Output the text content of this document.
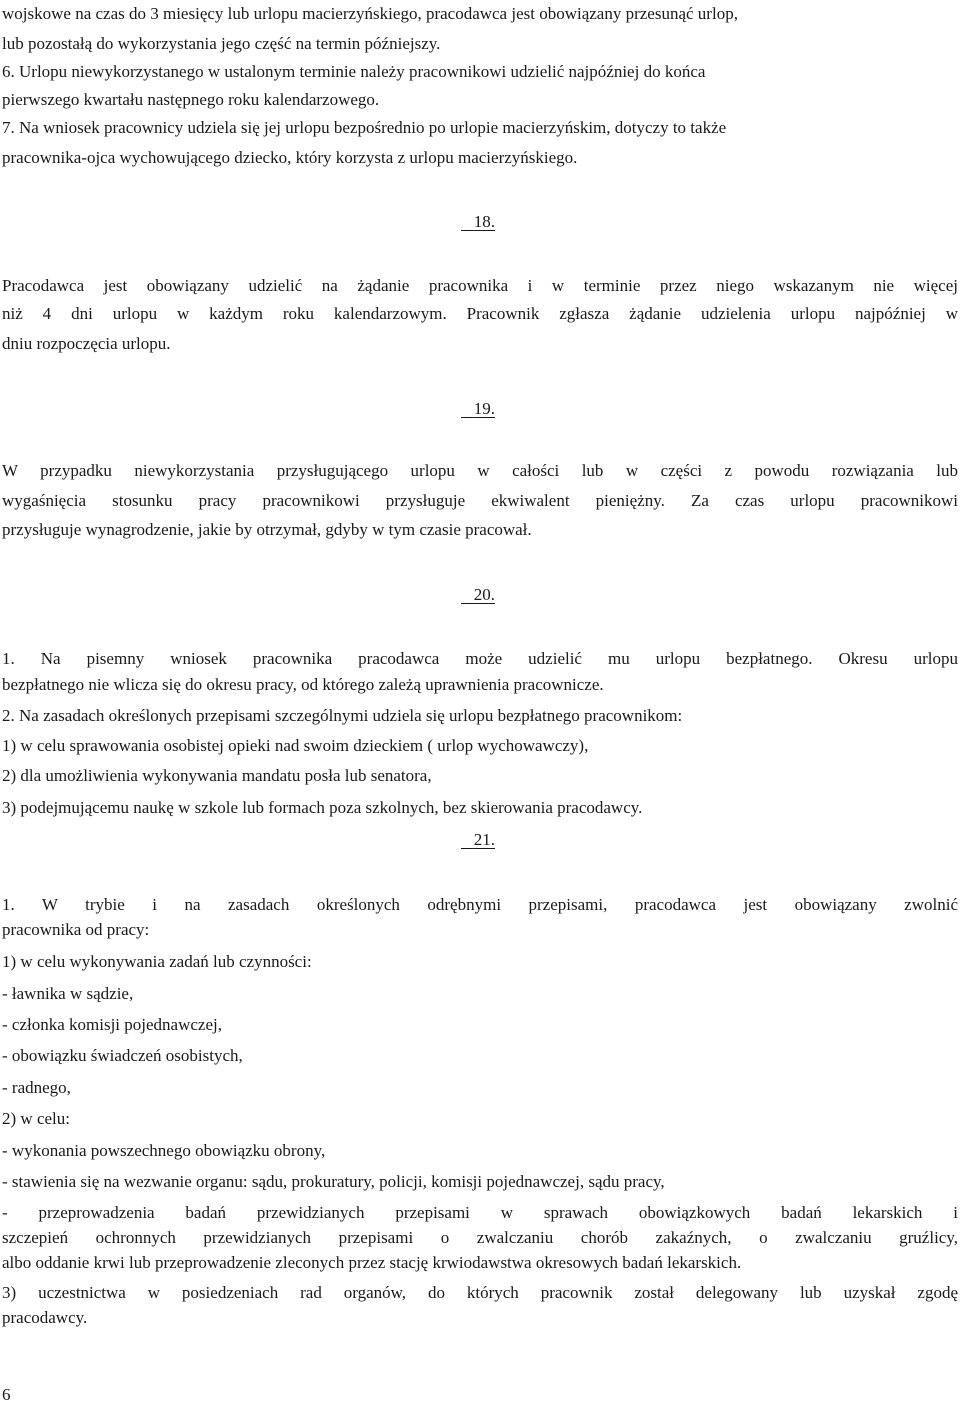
wojskowe na czas do 3 miesięcy lub urlopu macierzyńskiego, pracodawca jest obowiązany przesunąć urlop,
lub pozostałą do wykorzystania jego część na termin późniejszy.
6. Urlopu niewykorzystanego w ustalonym terminie należy pracownikowi udzielić najpóźniej do końca
pierwszego kwartału następnego roku kalendarzowego.
7. Na wniosek pracownicy udziela się jej urlopu bezpośrednio po urlopie macierzyńskim, dotyczy to także
pracownika-ojca wychowującego dziecko, który korzysta z urlopu macierzyńskiego.
18.
Pracodawca jest obowiązany udzielić na żądanie pracownika i w terminie przez niego wskazanym nie więcej
niż 4 dni urlopu w każdym roku kalendarzowym. Pracownik zgłasza żądanie udzielenia urlopu najpóźniej w
dniu rozpoczęcia urlopu.
19.
W przypadku niewykorzystania przysługującego urlopu w całości lub w części z powodu rozwiązania lub
wygaśnięcia stosunku pracy pracownikowi przysługuje ekwiwalent pieniężny. Za czas urlopu pracownikowi
przysługuje wynagrodzenie, jakie by otrzymał, gdyby w tym czasie pracował.
20.
1. Na pisemny wniosek pracownika pracodawca może udzielić mu urlopu bezpłatnego. Okresu urlopu
bezpłatnego nie wlicza się do okresu pracy, od którego zależą uprawnienia pracownicze.
2. Na zasadach określonych przepisami szczególnymi udziela się urlopu bezpłatnego pracownikom:
1) w celu sprawowania osobistej opieki nad swoim dzieckiem ( urlop wychowawczy),
2) dla umożliwienia wykonywania mandatu posła lub senatora,
3) podejmującemu naukę w szkole lub formach poza szkolnych, bez skierowania pracodawcy.
21.
1. W trybie i na zasadach określonych odrębnymi przepisami, pracodawca jest obowiązany zwolnić
pracownika od pracy:
1) w celu wykonywania zadań lub czynności:
- ławnika w sądzie,
- członka komisji pojednawczej,
- obowiązku świadczeń osobistych,
- radnego,
2) w celu:
- wykonania powszechnego obowiązku obrony,
- stawienia się na wezwanie organu: sądu, prokuratury, policji, komisji pojednawczej, sądu pracy,
- przeprowadzenia badań przewidzianych przepisami w sprawach obowiązkowych badań lekarskich i
szczepień ochronnych przewidzianych przepisami o zwalczaniu chorób zakaźnych, o zwalczaniu gruźlicy,
albo oddanie krwi lub przeprowadzenie zleconych przez stację krwiodawstwa okresowych badań lekarskich.
3) uczestnictwa w posiedzeniach rad organów, do których pracownik został delegowany lub uzyskał zgodę
pracodawcy.
6
